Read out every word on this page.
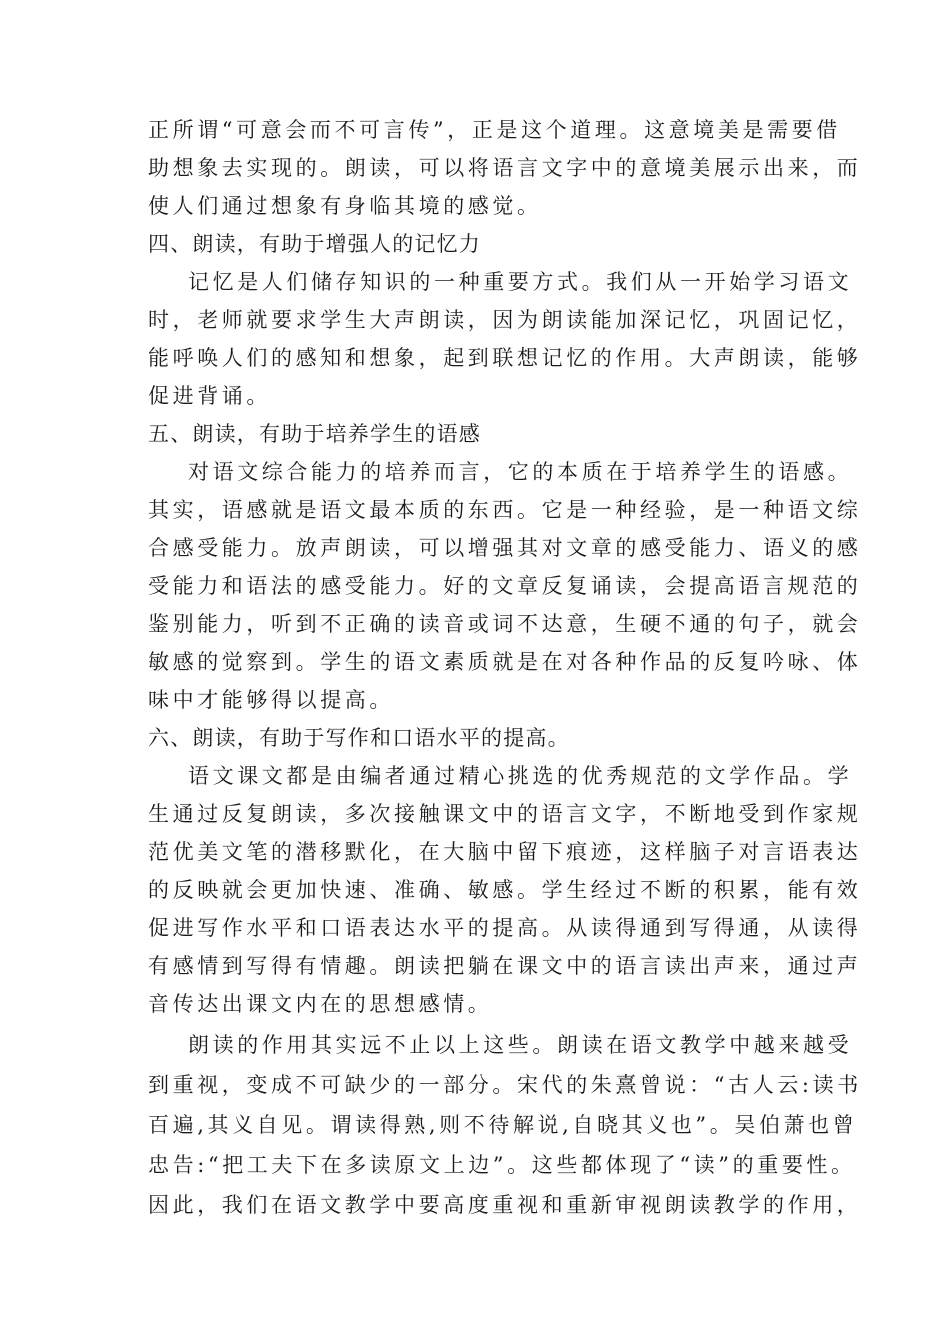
正所谓“可意会而不可言传”，正是这个道理。这意境美是需要借
助想象去实现的。朗读，可以将语言文字中的意境美展示出来，而
使人们通过想象有身临其境的感觉。
四、朗读，有助于增强人的记忆力
记忆是人们储存知识的一种重要方式。我们从一开始学习语文
时，老师就要求学生大声朗读，因为朗读能加深记忆，巩固记忆，
能呼唤人们的感知和想象，起到联想记忆的作用。大声朗读，能够
促进背诵。
五、朗读，有助于培养学生的语感
对语文综合能力的培养而言，它的本质在于培养学生的语感。
其实，语感就是语文最本质的东西。它是一种经验，是一种语文综
合感受能力。放声朗读，可以增强其对文章的感受能力、语义的感
受能力和语法的感受能力。好的文章反复诵读，会提高语言规范的
鉴别能力，听到不正确的读音或词不达意，生硬不通的句子，就会
敏感的觉察到。学生的语文素质就是在对各种作品的反复吟咏、体
味中才能够得以提高。
六、朗读，有助于写作和口语水平的提高。
语文课文都是由编者通过精心挑选的优秀规范的文学作品。学
生通过反复朗读，多次接触课文中的语言文字，不断地受到作家规
范优美文笔的潜移默化，在大脑中留下痕迹，这样脑子对言语表达
的反映就会更加快速、准确、敏感。学生经过不断的积累，能有效
促进写作水平和口语表达水平的提高。从读得通到写得通，从读得
有感情到写得有情趣。朗读把躺在课文中的语言读出声来，通过声
音传达出课文内在的思想感情。
朗读的作用其实远不止以上这些。朗读在语文教学中越来越受
到重视，变成不可缺少的一部分。宋代的朱熹曾说：“古人云:读书
百遍,其义自见。谓读得熟,则不待解说,自晓其义也”。吴伯萧也曾
忠告:“把工夫下在多读原文上边”。这些都体现了“读”的重要性。
因此，我们在语文教学中要高度重视和重新审视朗读教学的作用，
